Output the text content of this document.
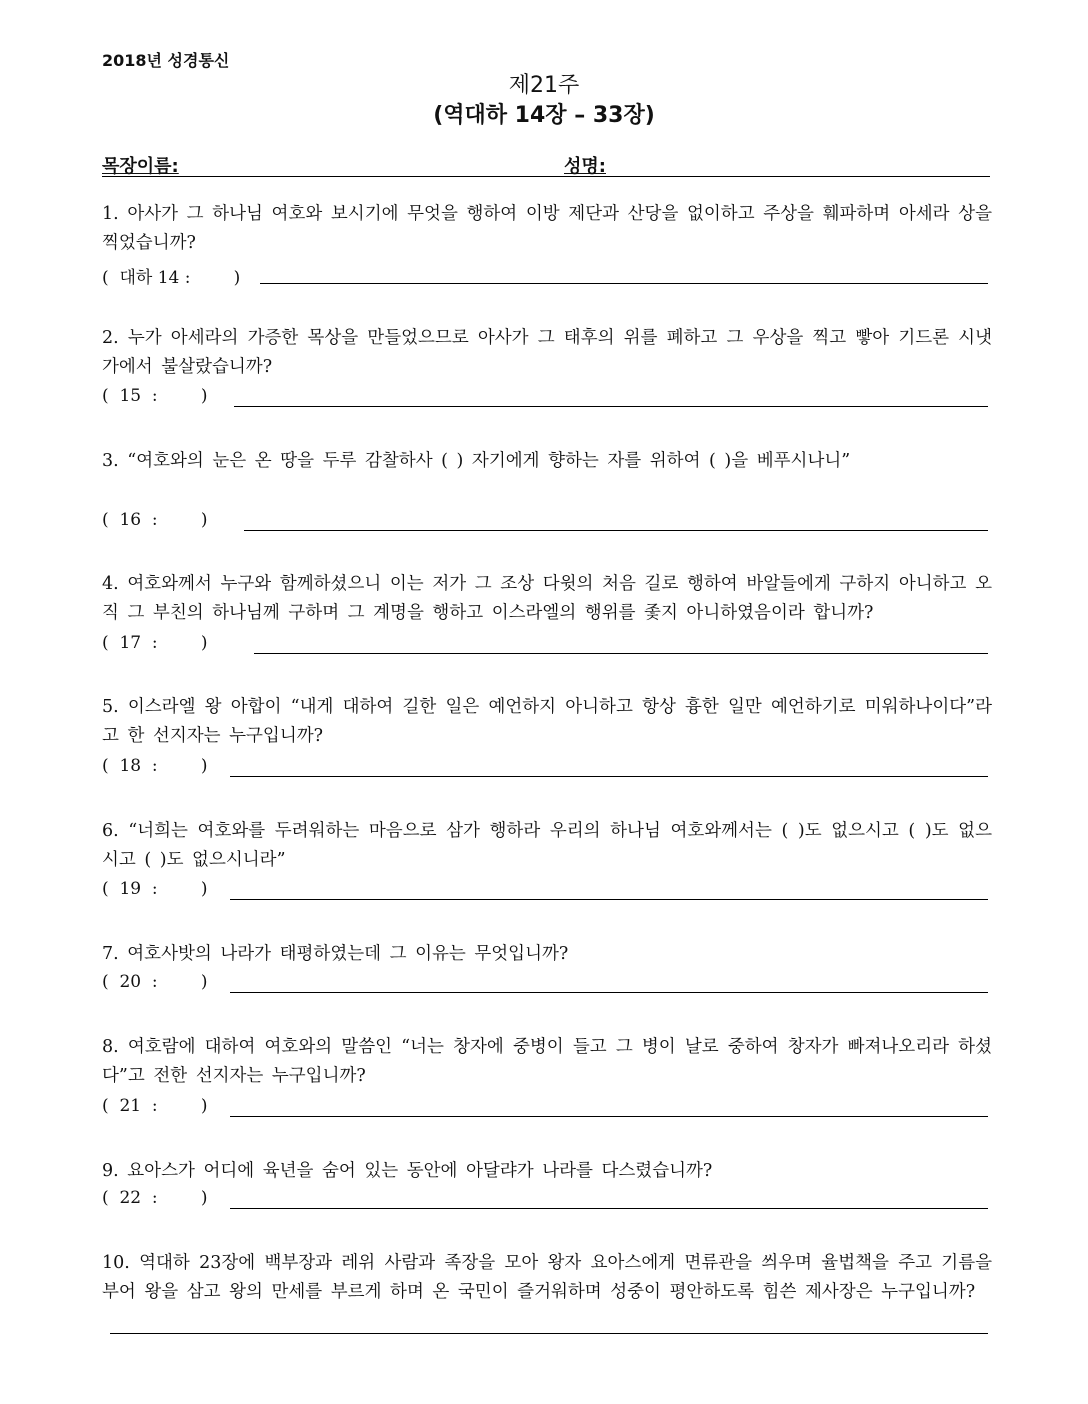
2018년 성경통신
제21주
(역대하 14장 – 33장)
목장이름:	성명:
1. 아사가 그 하나님 여호와 보시기에 무엇을 행하여 이방 제단과 산당을 없이하고 주상을 훼파하며 아세라 상을 찍었습니까?
(  대하 14 :        )
2. 누가 아세라의 가증한 목상을 만들었으므로 아사가 그 태후의 위를 폐하고 그 우상을 찍고 빻아 기드론 시냇가에서 불살랐습니까?
(  15  :        )
3. “여호와의 눈은 온 땅을 두루 감찰하사 ( ) 자기에게 향하는 자를 위하여 ( )을 베푸시나니”
(  16  :        )
4. 여호와께서 누구와 함께하셨으니 이는 저가 그 조상 다윗의 처음 길로 행하여 바알들에게 구하지 아니하고 오직 그 부친의 하나님께 구하며 그 계명을 행하고 이스라엘의 행위를 좇지 아니하였음이라 합니까?
(  17  :        )
5. 이스라엘 왕 아합이 “내게 대하여 길한 일은 예언하지 아니하고 항상 흉한 일만 예언하기로 미워하나이다”라고 한 선지자는 누구입니까?
(  18  :        )
6. “너희는 여호와를 두려워하는 마음으로 삼가 행하라 우리의 하나님 여호와께서는 ( )도 없으시고 ( )도 없으시고 ( )도 없으시니라”
(  19  :        )
7. 여호사밧의 나라가 태평하였는데 그 이유는 무엇입니까?
(  20  :        )
8. 여호람에 대하여 여호와의 말씀인 “너는 창자에 중병이 들고 그 병이 날로 중하여 창자가 빠져나오리라 하셨다”고 전한 선지자는 누구입니까?
(  21  :        )
9. 요아스가 어디에 육년을 숨어 있는 동안에 아달랴가 나라를 다스렸습니까?
(  22  :        )
10. 역대하 23장에 백부장과 레위 사람과 족장을 모아 왕자 요아스에게 면류관을 씌우며 율법책을 주고 기름을 부어 왕을 삼고 왕의 만세를 부르게 하며 온 국민이 즐거워하며 성중이 평안하도록 힘쓴 제사장은 누구입니까?
